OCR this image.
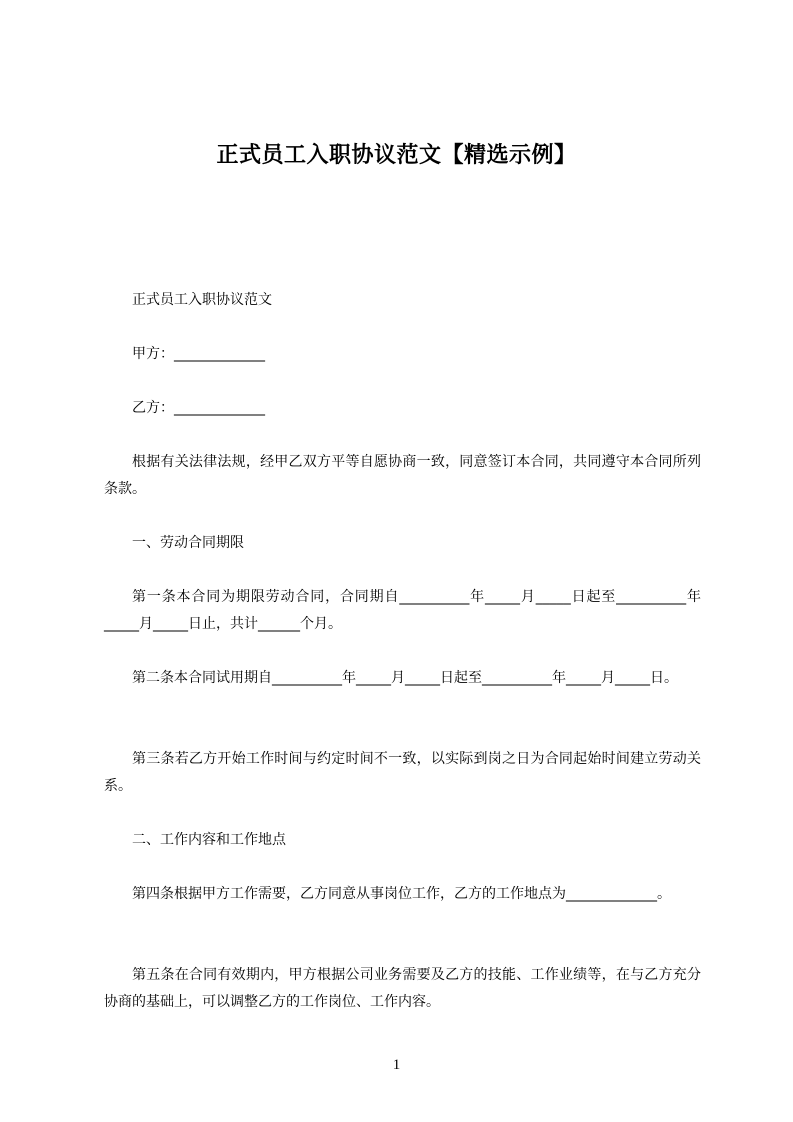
正式员工入职协议范文【精选示例】

正式员工入职协议范文

甲方：_____________

乙方：_____________

根据有关法律法规，经甲乙双方平等自愿协商一致，同意签订本合同，共同遵守本合同所列条款。

一、劳动合同期限

第一条本合同为期限劳动合同，合同期自__________年_____月_____日起至__________年_____月_____日止，共计______个月。

第二条本合同试用期自__________年_____月_____日起至__________年_____月_____日。

第三条若乙方开始工作时间与约定时间不一致，以实际到岗之日为合同起始时间建立劳动关系。

二、工作内容和工作地点

第四条根据甲方工作需要，乙方同意从事岗位工作，乙方的工作地点为_____________。

第五条在合同有效期内，甲方根据公司业务需要及乙方的技能、工作业绩等，在与乙方充分协商的基础上，可以调整乙方的工作岗位、工作内容。

1
